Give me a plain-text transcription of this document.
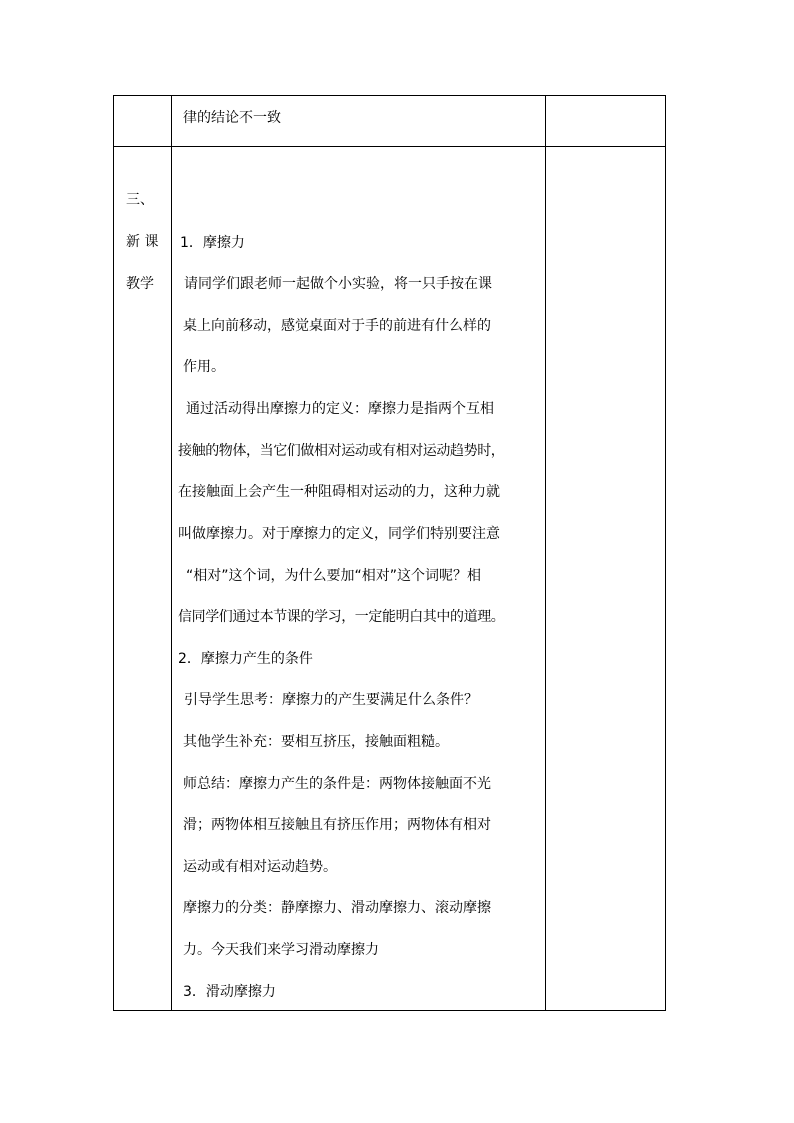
律的结论不一致
三、
新 课
教学
1．摩擦力
请同学们跟老师一起做个小实验，将一只手按在课
桌上向前移动，感觉桌面对于手的前进有什么样的
作用。
通过活动得出摩擦力的定义：摩擦力是指两个互相
接触的物体，当它们做相对运动或有相对运动趋势时，
在接触面上会产生一种阻碍相对运动的力，这种力就
叫做摩擦力。对于摩擦力的定义，同学们特别要注意
“相对”这个词，为什么要加“相对”这个词呢？相
信同学们通过本节课的学习，一定能明白其中的道理。
2．摩擦力产生的条件
引导学生思考：摩擦力的产生要满足什么条件？
其他学生补充：要相互挤压，接触面粗糙。
师总结：摩擦力产生的条件是：两物体接触面不光
滑；两物体相互接触且有挤压作用；两物体有相对
运动或有相对运动趋势。
摩擦力的分类：静摩擦力、滑动摩擦力、滚动摩擦
力。今天我们来学习滑动摩擦力
3．滑动摩擦力
